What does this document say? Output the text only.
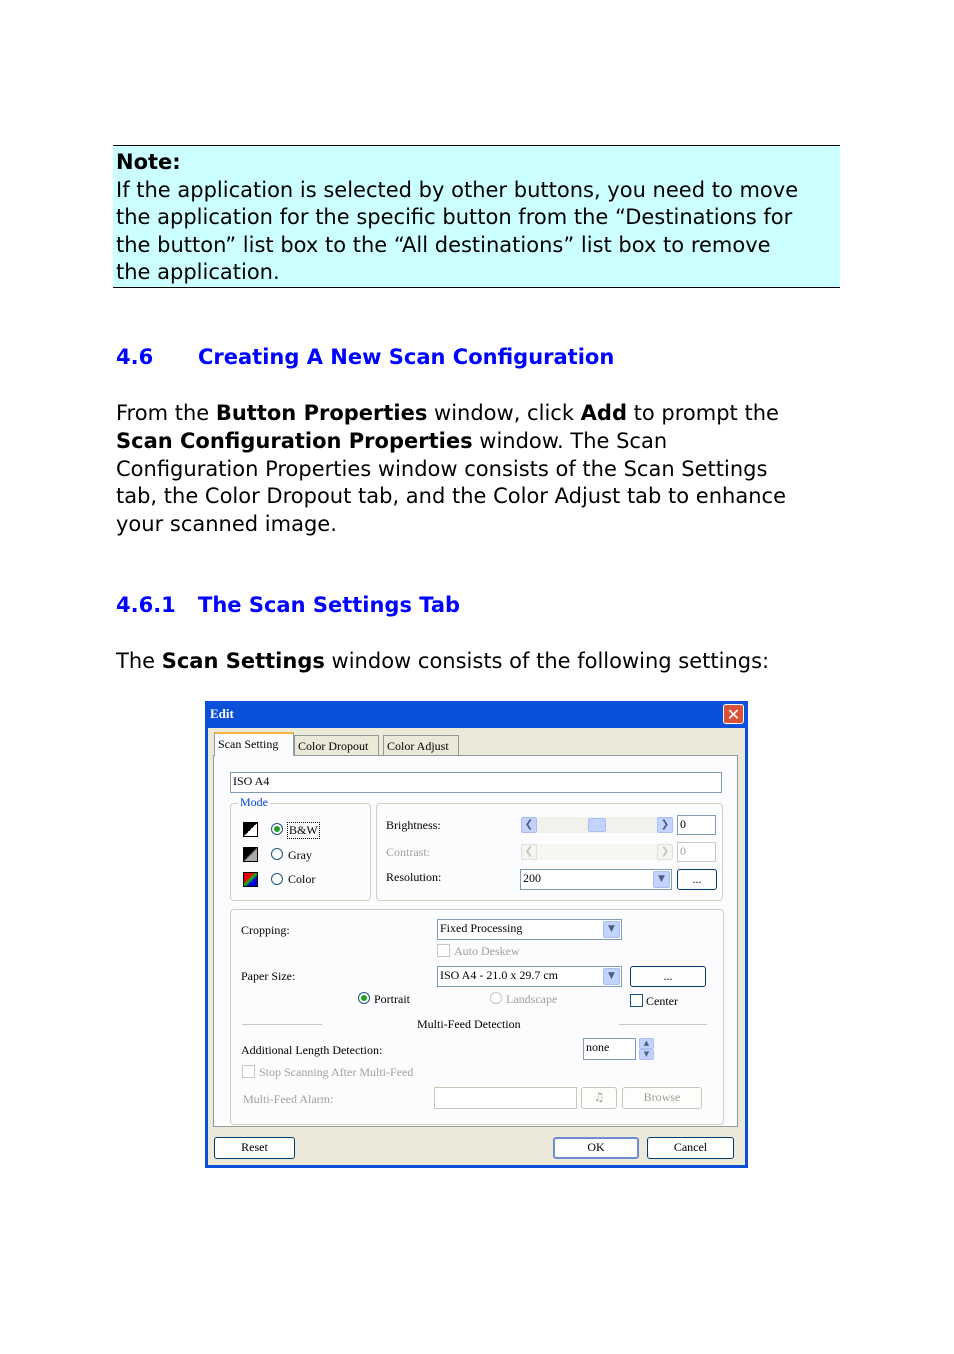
Note:
If the application is selected by other buttons, you need to move
the application for the specific button from the “Destinations for
the button” list box to the “All destinations” list box to remove
the application.
4.6 Creating A New Scan Configuration
From the Button Properties window, click Add to prompt the
Scan Configuration Properties window. The Scan
Configuration Properties window consists of the Scan Settings
tab, the Color Dropout tab, and the Color Adjust tab to enhance
your scanned image.
4.6.1 The Scan Settings Tab
The Scan Settings window consists of the following settings:
Edit	✕
Scan Setting	Color Dropout	Color Adjust
ISO A4
Mode
B&W
Gray
Color
Brightness:	❮	❯ 0
Contrast:	❮	❯ 0
Resolution:	200	▼	...
Cropping:	Fixed Processing	▼
Auto Deskew
Paper Size:	ISO A4 - 21.0 x 29.7 cm	▼	...
Portrait	Landscape	Center
Multi-Feed Detection
Additional Length Detection:	none	▲
▼
Stop Scanning After Multi-Feed
Multi-Feed Alarm:	♫	Browse
Reset	OK	Cancel
